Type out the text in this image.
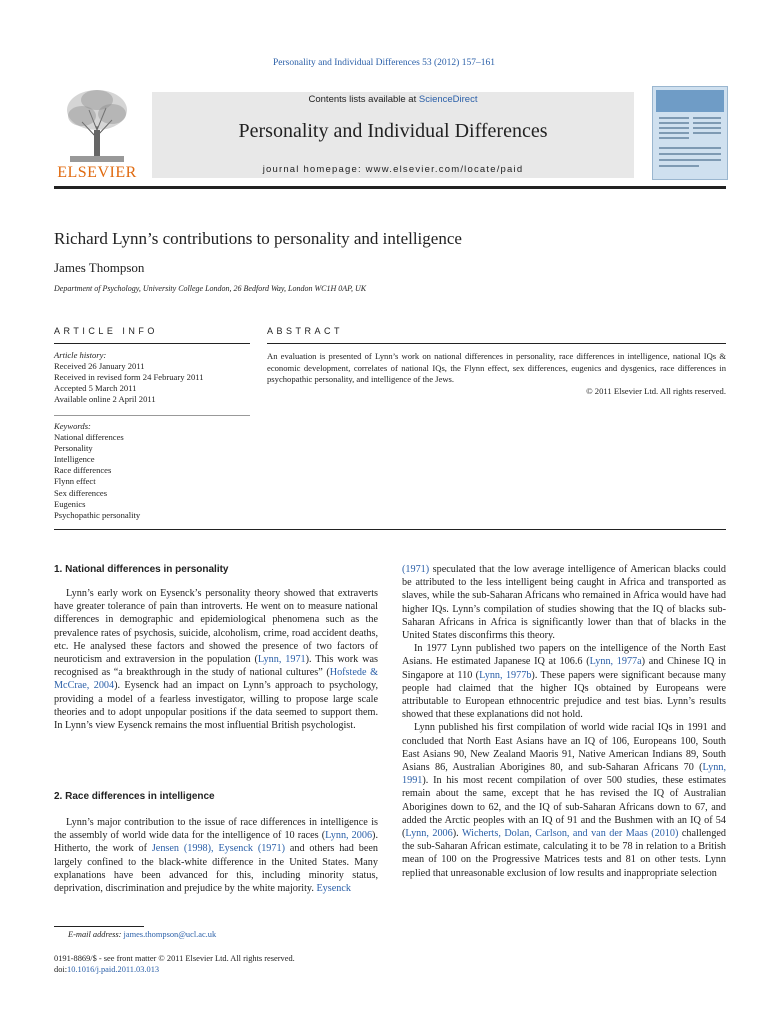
Personality and Individual Differences 53 (2012) 157–161
ELSEVIER
Contents lists available at ScienceDirect
Personality and Individual Differences
journal homepage: www.elsevier.com/locate/paid
Richard Lynn’s contributions to personality and intelligence
James Thompson
Department of Psychology, University College London, 26 Bedford Way, London WC1H 0AP, UK
ARTICLE INFO	ABSTRACT
Article history:
Received 26 January 2011
Received in revised form 24 February 2011
Accepted 5 March 2011
Available online 2 April 2011
Keywords:
National differences
Personality
Intelligence
Race differences
Flynn effect
Sex differences
Eugenics
Psychopathic personality
An evaluation is presented of Lynn’s work on national differences in personality, race differences in intelligence, national IQs & economic development, correlates of national IQs, the Flynn effect, sex differences, eugenics and dysgenics, race differences in psychopathic personality, and intelligence of the Jews.
© 2011 Elsevier Ltd. All rights reserved.
1. National differences in personality

Lynn’s early work on Eysenck’s personality theory showed that extraverts have greater tolerance of pain than introverts. He went on to measure national differences in demographic and epidemiological phenomena such as the prevalence rates of psychosis, suicide, alcoholism, crime, road accident deaths, etc. He analysed these factors and showed the presence of two factors of neuroticism and extraversion in the population (Lynn, 1971). This work was recognised as “a breakthrough in the study of national cultures” (Hofstede & McCrae, 2004). Eysenck had an impact on Lynn’s approach to psychology, providing a model of a fearless investigator, willing to propose large scale theories and to adopt unpopular positions if the data seemed to support them. In Lynn’s view Eysenck remains the most influential British psychologist.

2. Race differences in intelligence

Lynn’s major contribution to the issue of race differences in intelligence is the assembly of world wide data for the intelligence of 10 races (Lynn, 2006). Hitherto, the work of Jensen (1998), Eysenck (1971) and others had been largely confined to the black-white difference in the United States. Many explanations have been advanced for this, including minority status, deprivation, discrimination and prejudice by the white majority. Eysenck

(1971) speculated that the low average intelligence of American blacks could be attributed to the less intelligent being caught in Africa and transported as slaves, while the sub-Saharan Africans who remained in Africa would have had higher IQs. Lynn’s compilation of studies showing that the IQ of blacks sub-Saharan Africans in Africa is significantly lower than that of blacks in the United States disconfirms this theory.

In 1977 Lynn published two papers on the intelligence of the North East Asians. He estimated Japanese IQ at 106.6 (Lynn, 1977a) and Chinese IQ in Singapore at 110 (Lynn, 1977b). These papers were significant because many people had claimed that the higher IQs obtained by Europeans were attributable to European ethnocentric prejudice and test bias. Lynn’s results showed that these explanations did not hold.

Lynn published his first compilation of world wide racial IQs in 1991 and concluded that North East Asians have an IQ of 106, Europeans 100, South East Asians 90, New Zealand Maoris 91, Native American Indians 89, South Asians 86, Australian Aborigines 80, and sub-Saharan Africans 70 (Lynn, 1991). In his most recent compilation of over 500 studies, these estimates remain about the same, except that he has revised the IQ of Australian Aborigines down to 62, and the IQ of sub-Saharan Africans down to 67, and added the Arctic peoples with an IQ of 91 and the Bushmen with an IQ of 54 (Lynn, 2006). Wicherts, Dolan, Carlson, and van der Maas (2010) challenged the sub-Saharan African estimate, calculating it to be 78 in relation to a British mean of 100 on the Progressive Matrices tests and 81 on other tests. Lynn replied that unreasonable exclusion of low results and inappropriate selection

E-mail address: james.thompson@ucl.ac.uk
0191-8869/$ - see front matter © 2011 Elsevier Ltd. All rights reserved.
doi:10.1016/j.paid.2011.03.013
